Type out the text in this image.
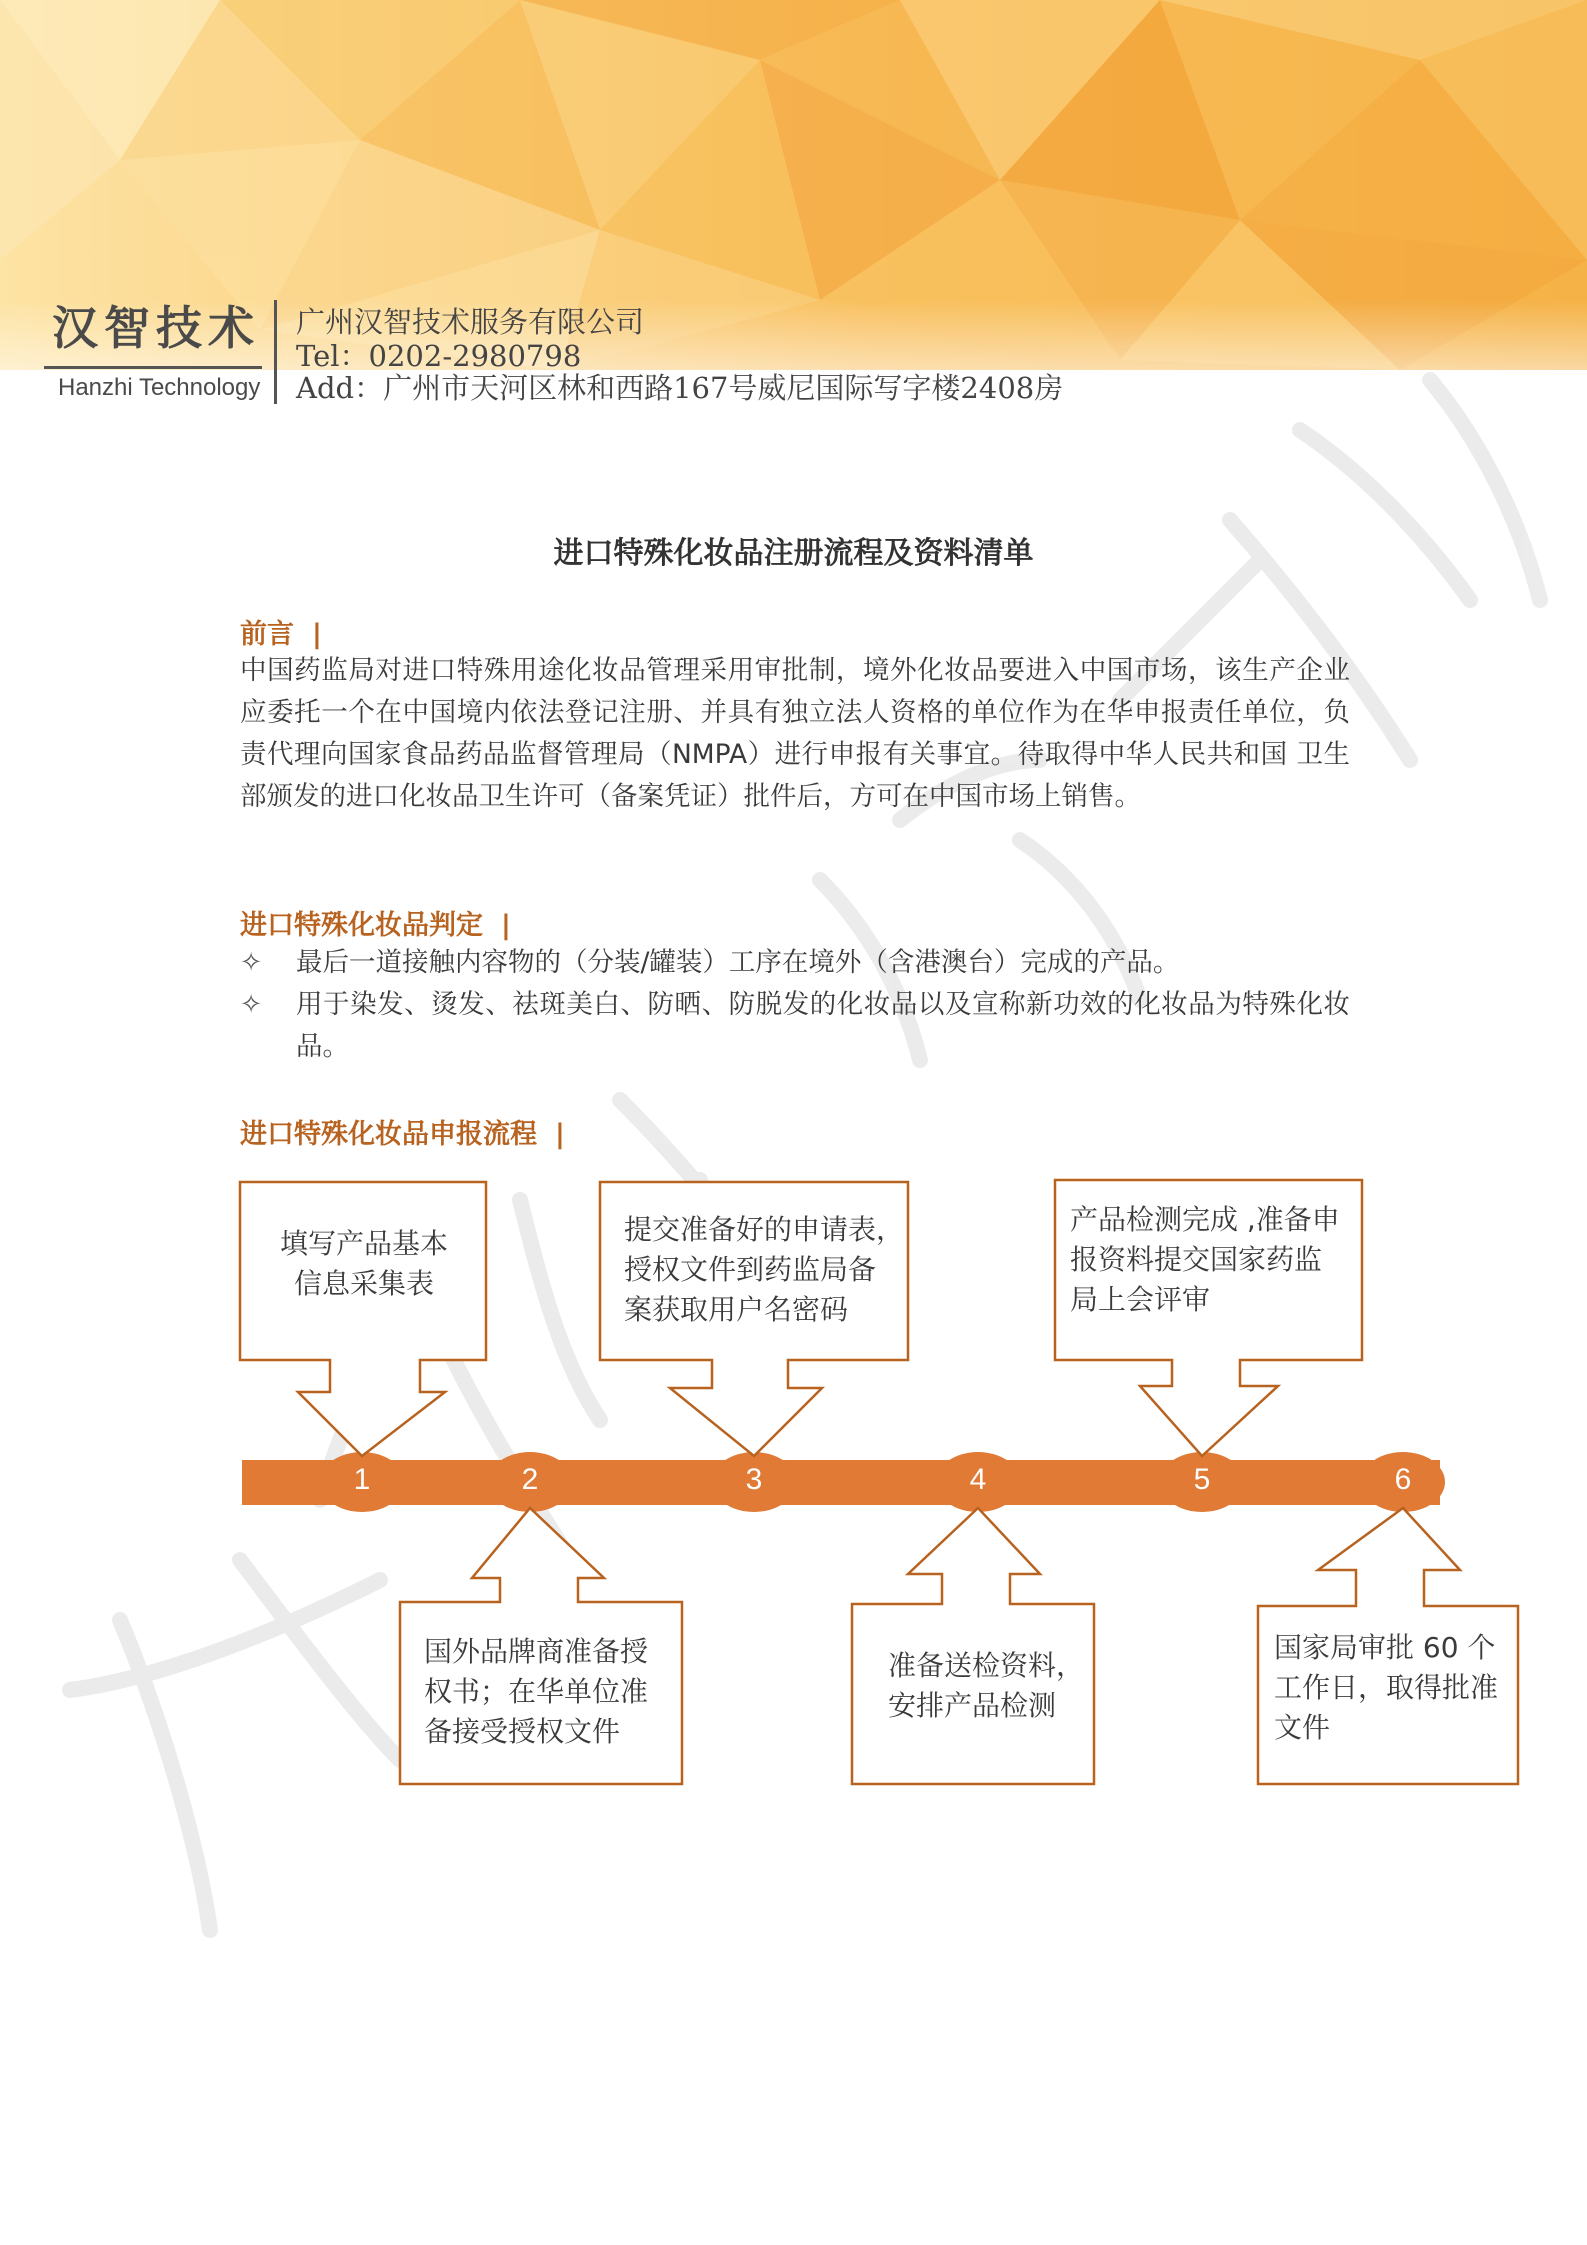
汉智技术
Hanzhi Technology
广州汉智技术服务有限公司
Tel：0202-2980798
Add：广州市天河区林和西路167号威尼国际写字楼2408房
进口特殊化妆品注册流程及资料清单
前言 |
中国药监局对进口特殊用途化妆品管理采用审批制，境外化妆品要进入中国市场，该生产企业应委托一个在中国境内依法登记注册、并具有独立法人资格的单位作为在华申报责任单位，负责代理向国家食品药品监督管理局（NMPA）进行申报有关事宜。待取得中华人民共和国 卫生部颁发的进口化妆品卫生许可（备案凭证）批件后，方可在中国市场上销售。
进口特殊化妆品判定 |
✧ 最后一道接触内容物的（分装/罐装）工序在境外（含港澳台）完成的产品。
✧ 用于染发、烫发、祛斑美白、防晒、防脱发的化妆品以及宣称新功效的化妆品为特殊化妆品。
进口特殊化妆品申报流程 |
1	2	3	4	5	6
填写产品基本
信息采集表
提交准备好的申请表，
授权文件到药监局备
案获取用户名密码
产品检测完成 ,准备申
报资料提交国家药监
局上会评审
国外品牌商准备授
权书；在华单位准
备接受授权文件
准备送检资料，
安排产品检测
国家局审批 60 个
工作日，取得批准
文件
